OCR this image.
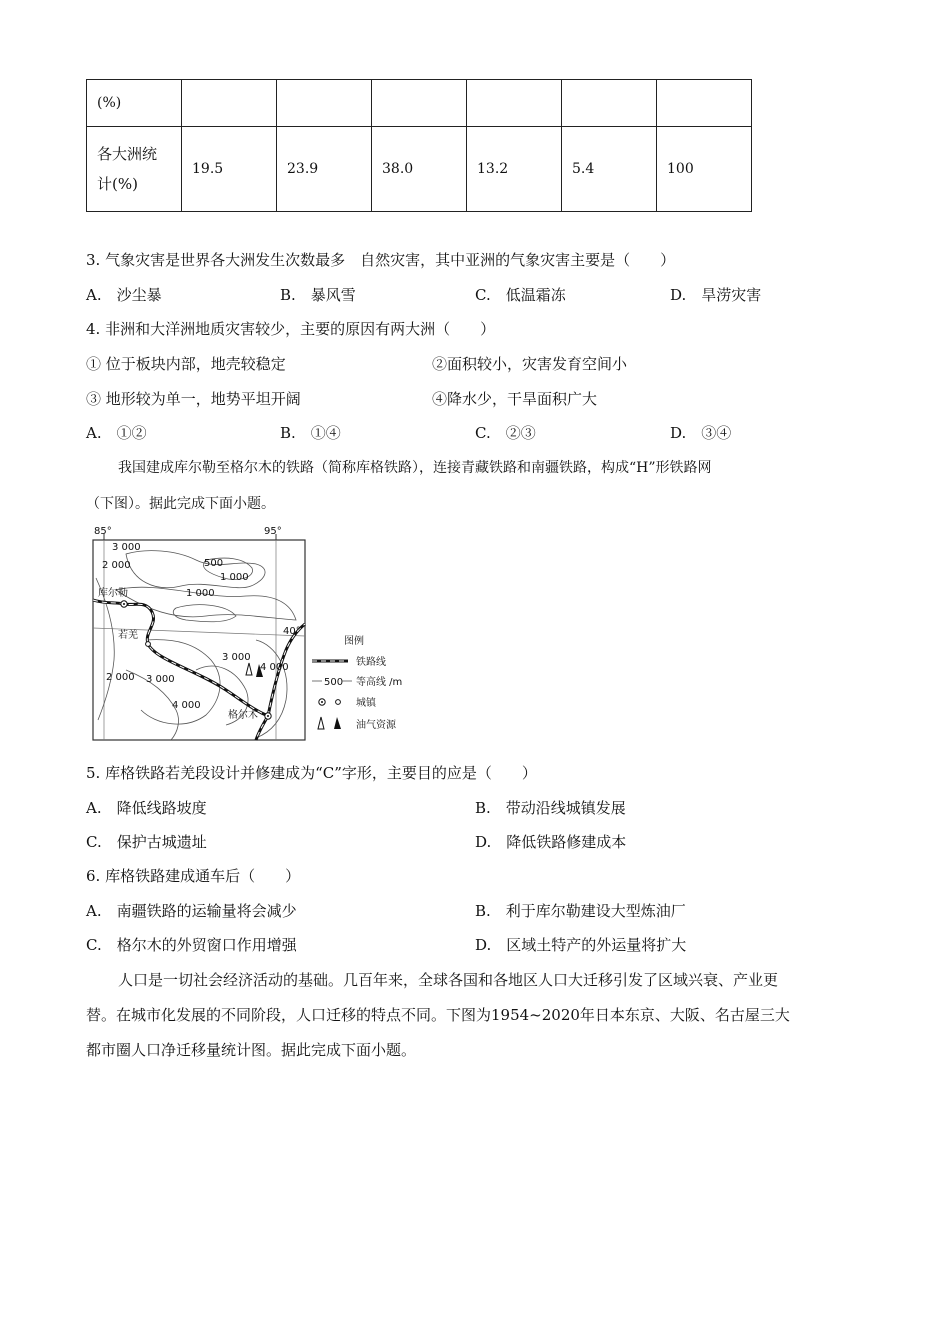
(%)						

各大洲统
计(%)	19.5	23.9	38.0	13.2	5.4	100
3. 气象灾害是世界各大洲发生次数最多　自然灾害，其中亚洲的气象灾害主要是（　　）
A.　沙尘暴	B.　暴风雪	C.　低温霜冻	D.　旱涝灾害
4. 非洲和大洋洲地质灾害较少，主要的原因有两大洲（　　）
① 位于板块内部，地壳较稳定	②面积较小，灾害发育空间小
③ 地形较为单一，地势平坦开阔	④降水少，干旱面积广大
A.　①②	B.　①④	C.　②③	D.　③④
我国建成库尔勒至格尔木的铁路（简称库格铁路），连接青藏铁路和南疆铁路，构成“H”形铁路网
（下图）。据此完成下面小题。
85°	95°
40°
3 000
2 000	500
1 000
1 000
3 000
4 000
2 000 3 000
4 000
库尔勒
若羌
格尔木
图例
铁路线
500 等高线 /m
城镇
油气资源
5. 库格铁路若羌段设计并修建成为“C”字形，主要目的应是（　　）
A.　降低线路坡度	B.　带动沿线城镇发展
C.　保护古城遗址	D.　降低铁路修建成本
6. 库格铁路建成通车后（　　）
A.　南疆铁路的运输量将会减少	B.　利于库尔勒建设大型炼油厂
C.　格尔木的外贸窗口作用增强	D.　区域土特产的外运量将扩大
人口是一切社会经济活动的基础。几百年来，全球各国和各地区人口大迁移引发了区域兴衰、产业更
替。在城市化发展的不同阶段，人口迁移的特点不同。下图为1954~2020年日本东京、大阪、名古屋三大
都市圈人口净迁移量统计图。据此完成下面小题。
